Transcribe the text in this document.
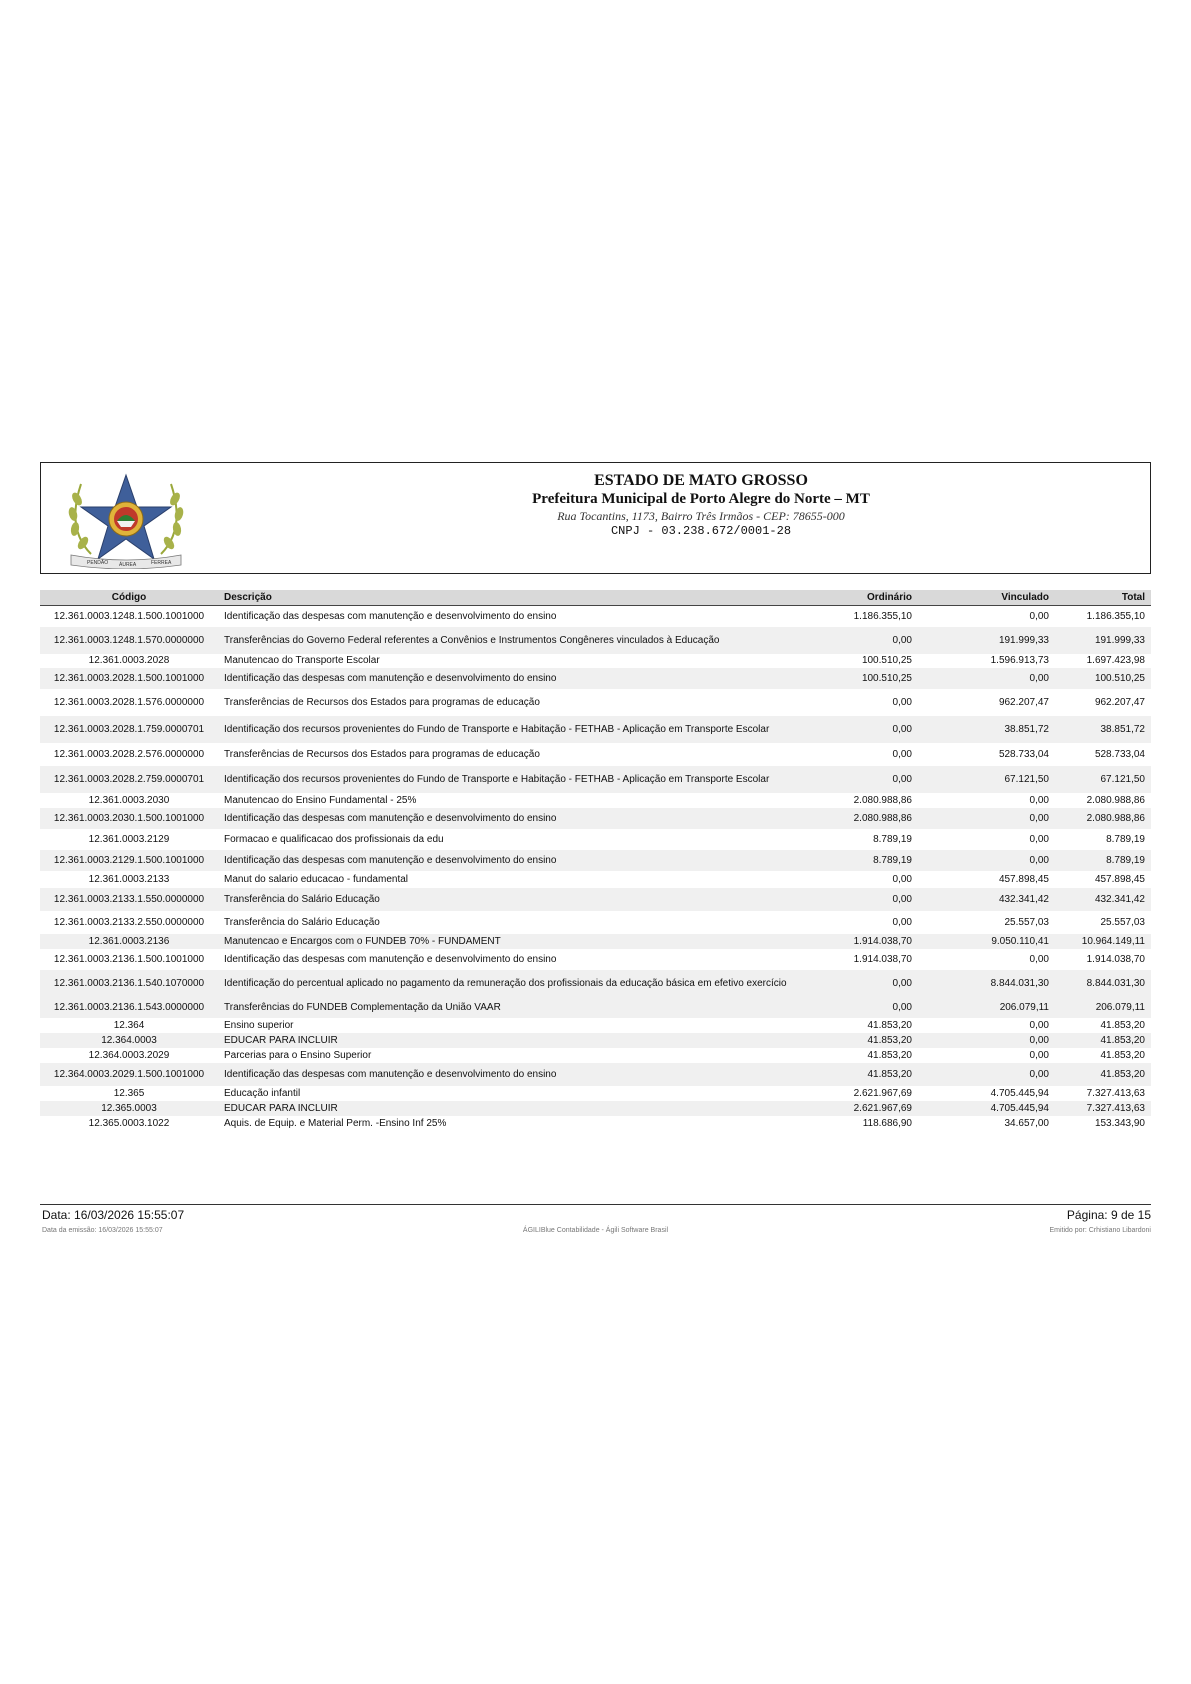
PENDÃO ÁUREA	FERREA
ESTADO DE MATO GROSSO
Prefeitura Municipal de Porto Alegre do Norte – MT
Rua Tocantins, 1173, Bairro Três Irmãos - CEP: 78655-000
CNPJ - 03.238.672/0001-28
Código	Descrição	Ordinário	Vinculado	Total
12.361.0003.1248.1.500.1001000	Identificação das despesas com manutenção e desenvolvimento do ensino	1.186.355,10	0,00	1.186.355,10
12.361.0003.1248.1.570.0000000	Transferências do Governo Federal referentes a Convênios e Instrumentos Congêneres vinculados à Educação	0,00	191.999,33	191.999,33
12.361.0003.2028	Manutencao do Transporte Escolar	100.510,25	1.596.913,73	1.697.423,98
12.361.0003.2028.1.500.1001000	Identificação das despesas com manutenção e desenvolvimento do ensino	100.510,25	0,00	100.510,25
12.361.0003.2028.1.576.0000000	Transferências de Recursos dos Estados para programas de educação	0,00	962.207,47	962.207,47
12.361.0003.2028.1.759.0000701	Identificação dos recursos provenientes do Fundo de Transporte e Habitação - FETHAB - Aplicação em Transporte Escolar	0,00	38.851,72	38.851,72
12.361.0003.2028.2.576.0000000	Transferências de Recursos dos Estados para programas de educação	0,00	528.733,04	528.733,04
12.361.0003.2028.2.759.0000701	Identificação dos recursos provenientes do Fundo de Transporte e Habitação - FETHAB - Aplicação em Transporte Escolar	0,00	67.121,50	67.121,50
12.361.0003.2030	Manutencao do Ensino Fundamental - 25%	2.080.988,86	0,00	2.080.988,86
12.361.0003.2030.1.500.1001000	Identificação das despesas com manutenção e desenvolvimento do ensino	2.080.988,86	0,00	2.080.988,86
12.361.0003.2129	Formacao e qualificacao dos profissionais da edu	8.789,19	0,00	8.789,19
12.361.0003.2129.1.500.1001000	Identificação das despesas com manutenção e desenvolvimento do ensino	8.789,19	0,00	8.789,19
12.361.0003.2133	Manut do salario educacao - fundamental	0,00	457.898,45	457.898,45
12.361.0003.2133.1.550.0000000	Transferência do Salário Educação	0,00	432.341,42	432.341,42
12.361.0003.2133.2.550.0000000	Transferência do Salário Educação	0,00	25.557,03	25.557,03
12.361.0003.2136	Manutencao e Encargos com o FUNDEB 70% - FUNDAMENT	1.914.038,70	9.050.110,41	10.964.149,11
12.361.0003.2136.1.500.1001000	Identificação das despesas com manutenção e desenvolvimento do ensino	1.914.038,70	0,00	1.914.038,70
12.361.0003.2136.1.540.1070000	Identificação do percentual aplicado no pagamento da remuneração dos profissionais da educação básica em efetivo exercício	0,00	8.844.031,30	8.844.031,30
12.361.0003.2136.1.543.0000000	Transferências do FUNDEB Complementação da União VAAR	0,00	206.079,11	206.079,11
12.364	Ensino superior	41.853,20	0,00	41.853,20
12.364.0003	EDUCAR PARA INCLUIR	41.853,20	0,00	41.853,20
12.364.0003.2029	Parcerias para o Ensino Superior	41.853,20	0,00	41.853,20
12.364.0003.2029.1.500.1001000	Identificação das despesas com manutenção e desenvolvimento do ensino	41.853,20	0,00	41.853,20
12.365	Educação infantil	2.621.967,69	4.705.445,94	7.327.413,63
12.365.0003	EDUCAR PARA INCLUIR	2.621.967,69	4.705.445,94	7.327.413,63
12.365.0003.1022	Aquis. de Equip. e Material Perm. -Ensino Inf 25%	118.686,90	34.657,00	153.343,90
Data: 16/03/2026 15:55:07	Página: 9 de 15
Data da emissão: 16/03/2026 15:55:07	ÁGILIBlue Contabilidade - Ágili Software Brasil	Emitido por: Crhistiano Libardoni
